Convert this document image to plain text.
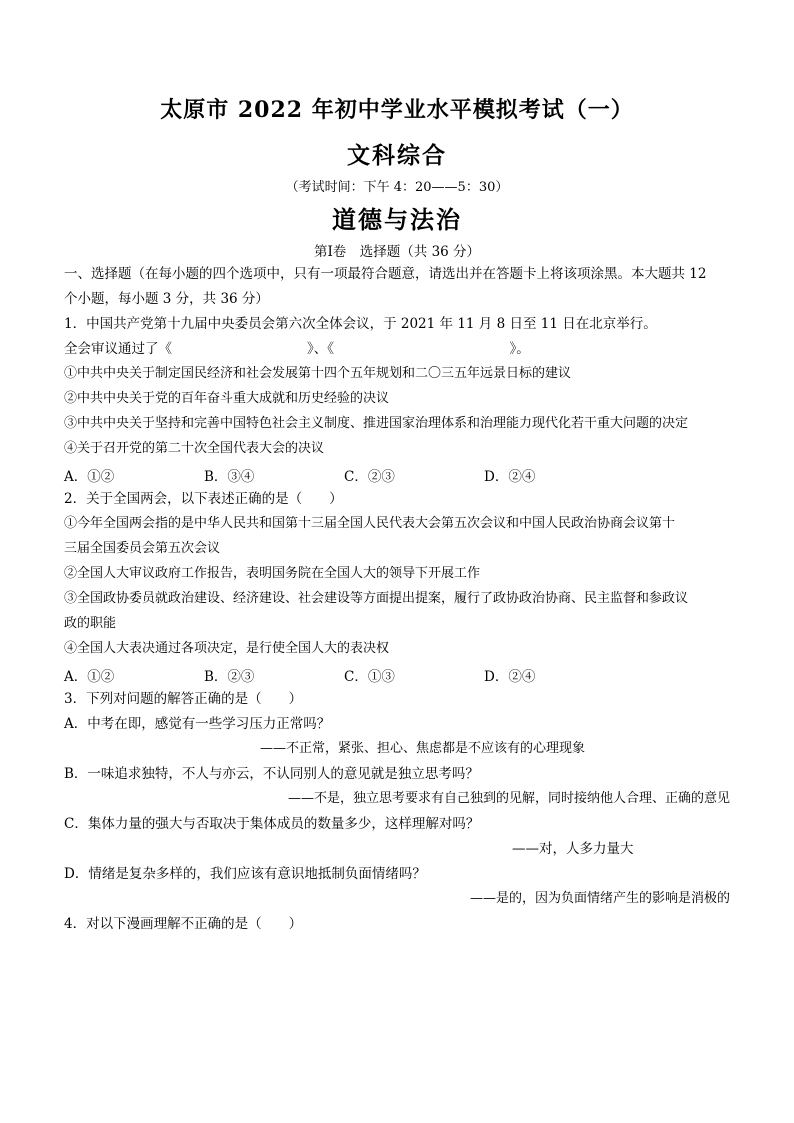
太原市 2022 年初中学业水平模拟考试（一）
文科综合
（考试时间：下午 4：20——5：30）
道德与法治
第Ⅰ卷　选择题（共 36 分）
一、选择题（在每小题的四个选项中，只有一项最符合题意，请选出并在答题卡上将该项涂黑。本大题共 12
个小题，每小题 3 分，共 36 分）
1．中国共产党第十九届中央委员会第六次全体会议，于 2021 年 11 月 8 日至 11 日在北京举行。
全会审议通过了《　　　　　　　　　　》、《　　　　　　　　　　　　　》。
①中共中央关于制定国民经济和社会发展第十四个五年规划和二〇三五年远景日标的建议
②中共中央关于党的百年奋斗重大成就和历史经验的决议
③中共中央关于坚持和完善中国特色社会主义制度、推进国家治理体系和治理能力现代化若干重大问题的决定
④关于召开党的第二十次全国代表大会的决议
A．①②	B．③④	C．②③	D．②④
2．关于全国两会，以下表述正确的是（　　）
①今年全国两会指的是中华人民共和国第十三届全国人民代表大会第五次会议和中国人民政治协商会议第十
三届全国委员会第五次会议
②全国人大审议政府工作报告，表明国务院在全国人大的领导下开展工作
③全国政协委员就政治建设、经济建设、社会建设等方面提出提案，履行了政协政治协商、民主监督和参政议
政的职能
④全国人大表决通过各项决定，是行使全国人大的表决权
A．①②	B．②③	C．①③	D．②④
3．下列对问题的解答正确的是（　　）
A．中考在即，感觉有一些学习压力正常吗？
——不正常，紧张、担心、焦虑都是不应该有的心理现象
B．一味追求独特，不人与亦云，不认同别人的意见就是独立思考吗？
——不是，独立思考要求有自己独到的见解，同时接纳他人合理、正确的意见
C．集体力量的强大与否取决于集体成员的数量多少，这样理解对吗？
——对，人多力量大
D．情绪是复杂多样的，我们应该有意识地抵制负面情绪吗？
——是的，因为负面情绪产生的影响是消极的
4．对以下漫画理解不正确的是（　　）
